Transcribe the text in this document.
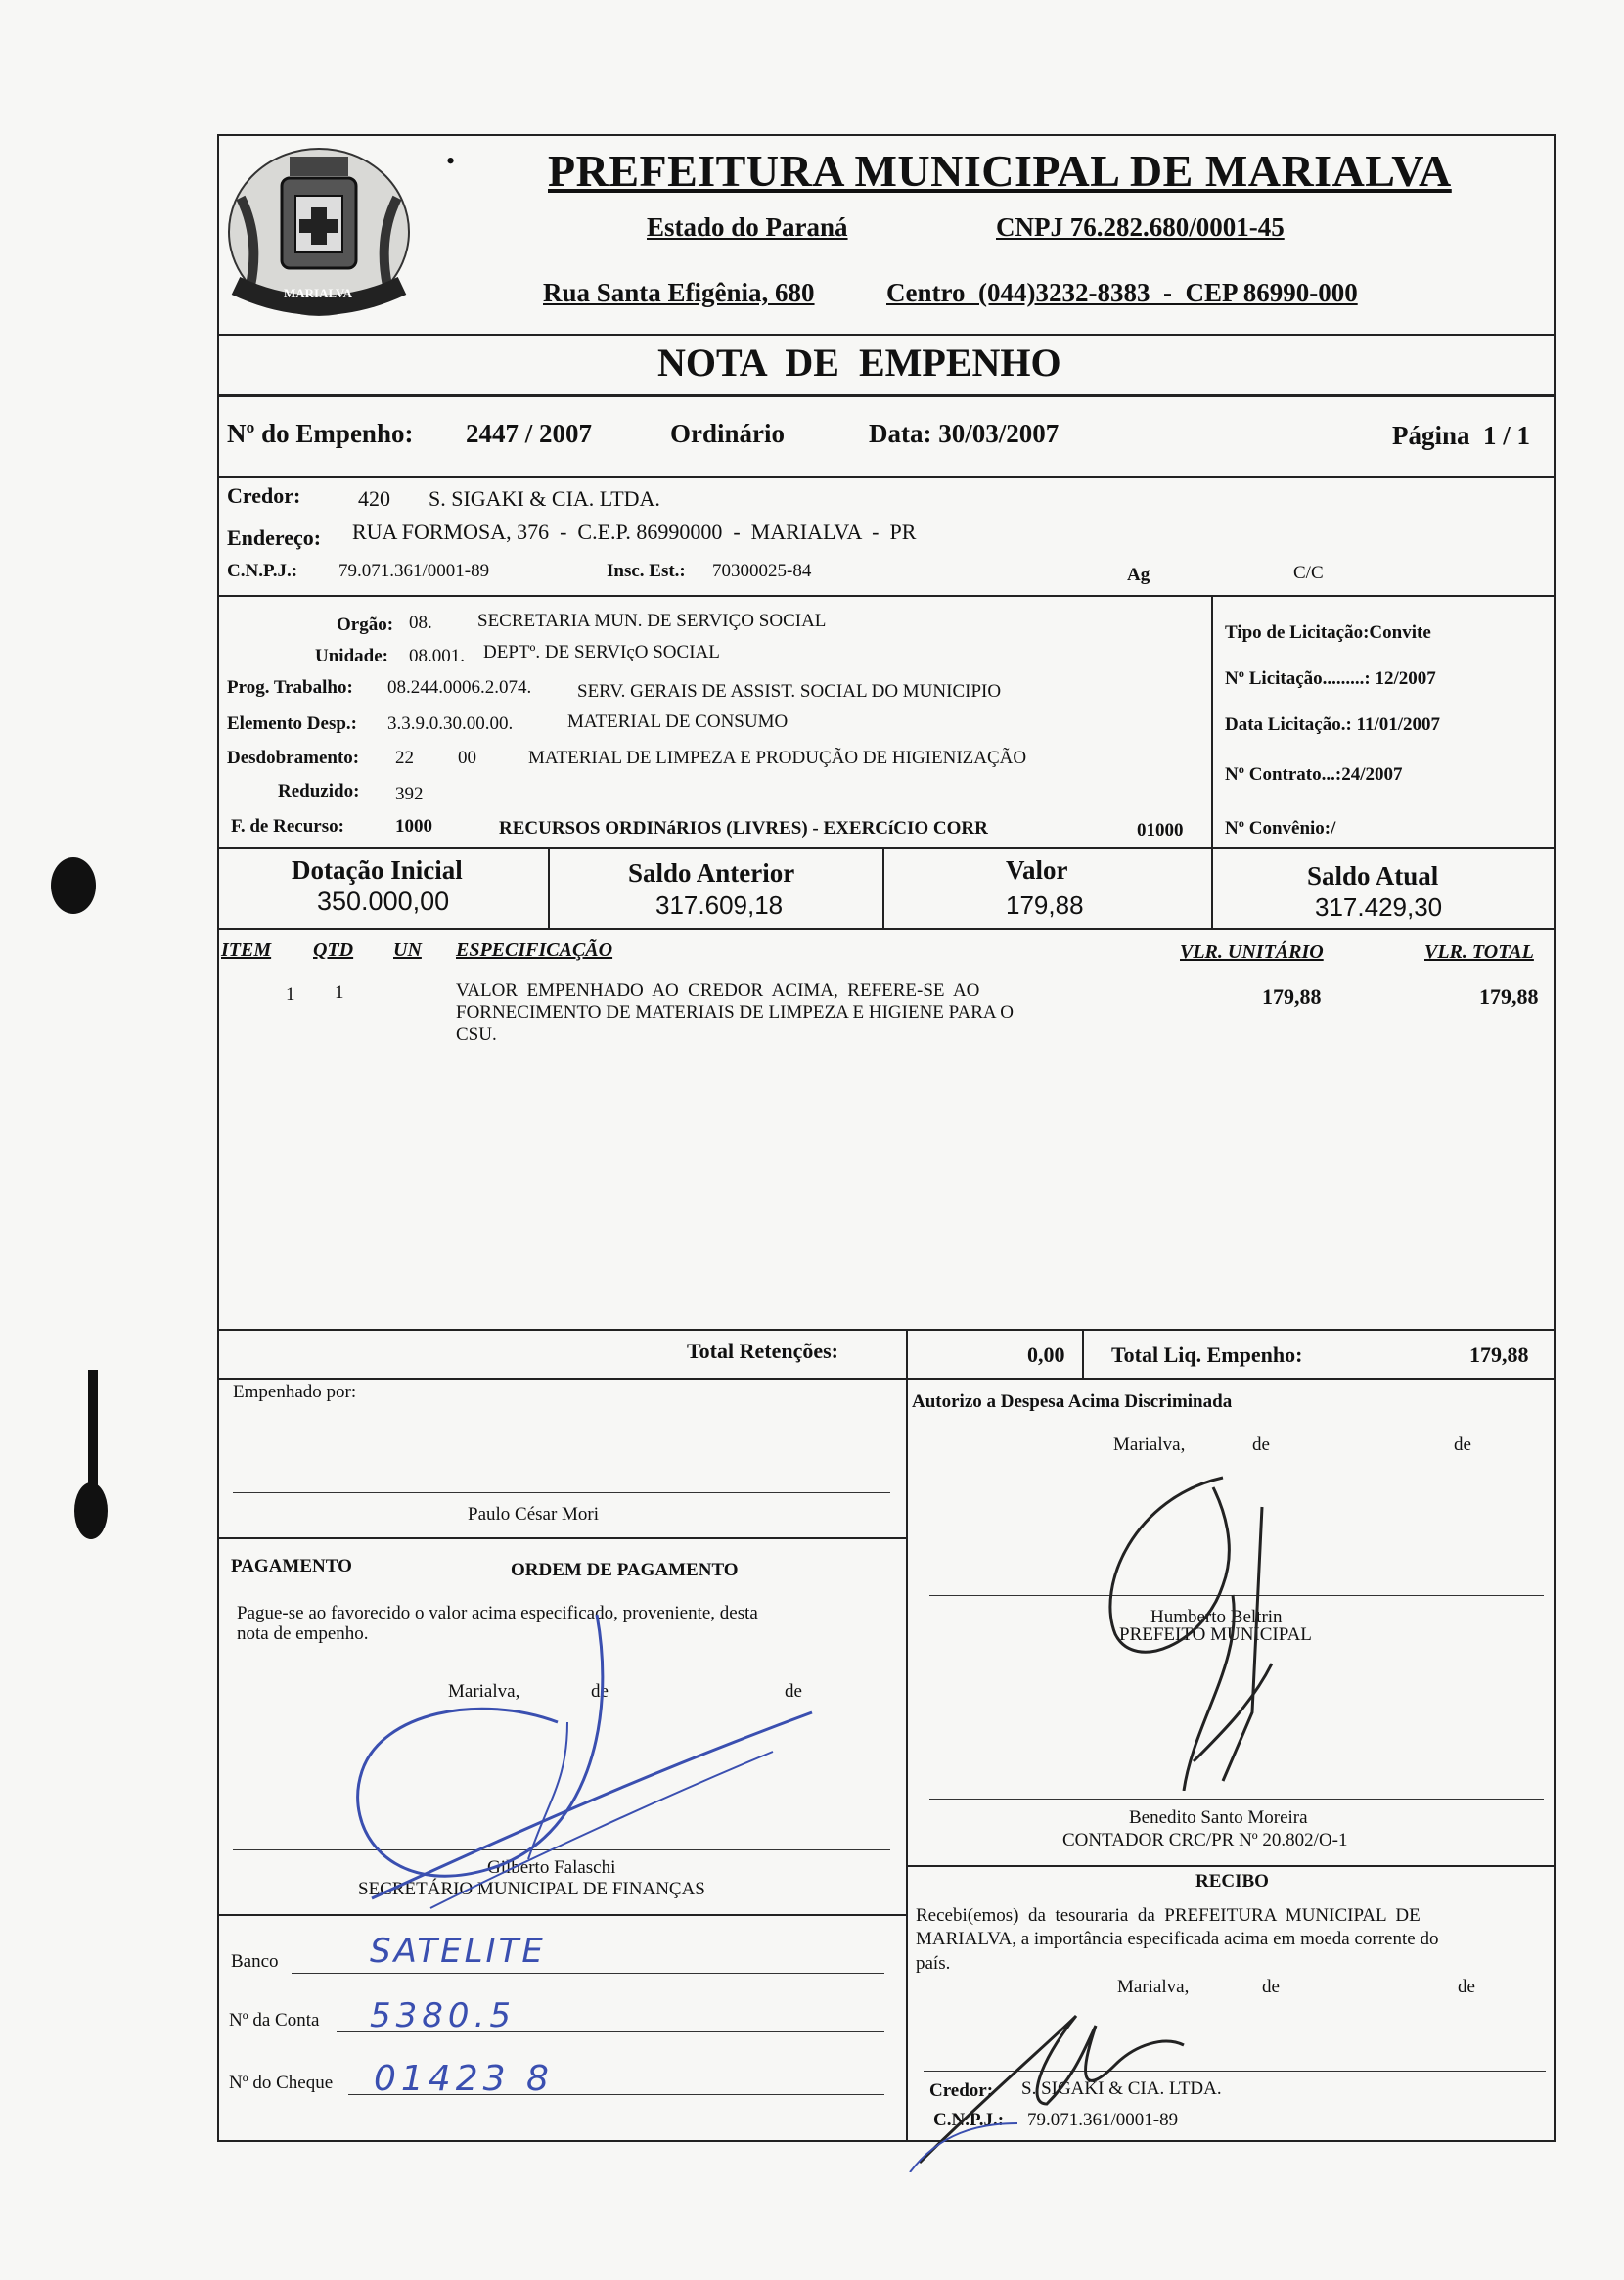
MARIALVA
• PREFEITURA MUNICIPAL DE MARIALVA
Estado do Paraná	CNPJ 76.282.680/0001-45
Rua Santa Efigênia, 680	Centro  (044)3232-8383  -  CEP 86990-000
NOTA  DE  EMPENHO
Nº do Empenho: 2447 / 2007	Ordinário	Data: 30/03/2007	Página  1 / 1
Credor:	420 S. SIGAKI & CIA. LTDA.
Endereço: RUA FORMOSA, 376  -  C.E.P. 86990000  -  MARIALVA  -  PR
C.N.P.J.: 79.071.361/0001-89	Insc. Est.: 70300025-84	Ag	C/C
Orgão: 08. SECRETARIA MUN. DE SERVIÇO SOCIAL
Unidade: 08.001. DEPTº. DE SERVIçO SOCIAL
Prog. Trabalho: 08.244.0006.2.074. SERV. GERAIS DE ASSIST. SOCIAL DO MUNICIPIO
Elemento Desp.: 3.3.9.0.30.00.00.	MATERIAL DE CONSUMO
Desdobramento: 22 00	MATERIAL DE LIMPEZA E PRODUÇÃO DE HIGIENIZAÇÃO
Reduzido: 392
F. de Recurso:	1000	RECURSOS ORDINáRIOS (LIVRES) - EXERCíCIO CORR	01000
Tipo de Licitação:Convite
Nº Licitação.........: 12/2007
Data Licitação.: 11/01/2007
Nº Contrato...:24/2007
Nº Convênio:/
Dotação Inicial
350.000,00
Saldo Anterior
317.609,18
Valor
179,88
Saldo Atual
317.429,30
ITEM QTD UN ESPECIFICAÇÃO	VLR. UNITÁRIO	VLR. TOTAL
1 1	VALOR  EMPENHADO  AO  CREDOR  ACIMA,  REFERE-SE  AO
FORNECIMENTO DE MATERIAIS DE LIMPEZA E HIGIENE PARA O
CSU.
179,88	179,88
Total Retenções:	0,00 Total Liq. Empenho:	179,88
Empenhado por:
Paulo César Mori
Autorizo a Despesa Acima Discriminada
Marialva,	de	de
Humberto Beltrin
PREFEITO MUNICIPAL
Benedito Santo Moreira
CONTADOR CRC/PR Nº 20.802/O-1
PAGAMENTO	ORDEM DE PAGAMENTO
Pague-se ao favorecido o valor acima especificado, proveniente, desta
nota de empenho.
Marialva,	de	de
Gilberto Falaschi
SECRETÁRIO MUNICIPAL DE FINANÇAS
Banco	SATELITE
Nº da Conta 5380.5
Nº do Cheque 01423 8
RECIBO
Recebi(emos)  da  tesouraria  da  PREFEITURA  MUNICIPAL  DE
MARIALVA, a importância especificada acima em moeda corrente do
país.
Marialva,	de	de
Credor: S. SIGAKI & CIA. LTDA.
C.N.P.J.: 79.071.361/0001-89
